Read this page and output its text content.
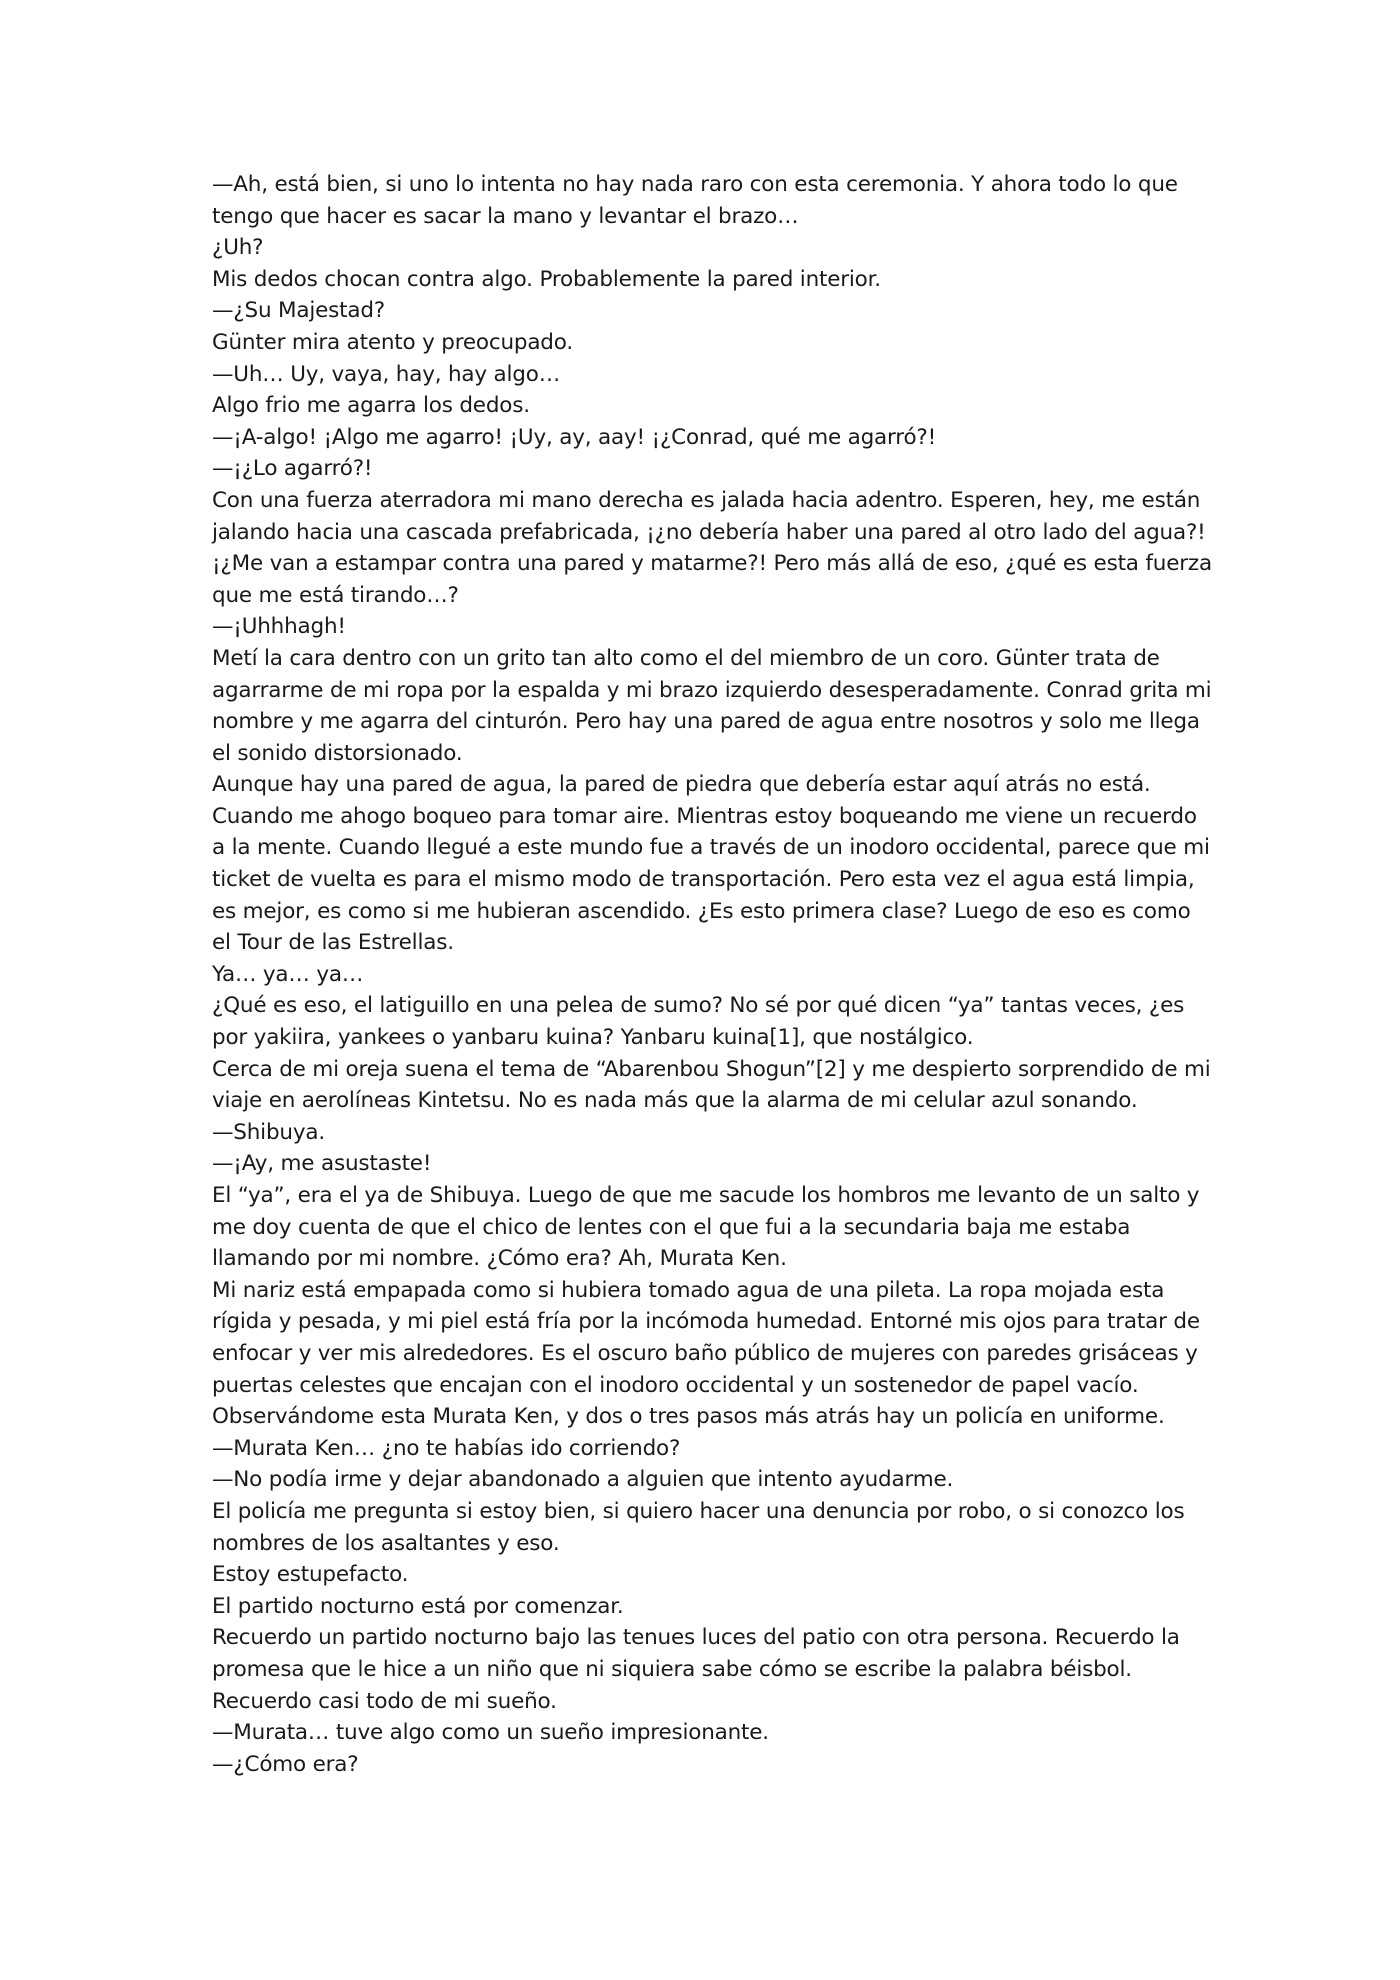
—Ah, está bien, si uno lo intenta no hay nada raro con esta ceremonia. Y ahora todo lo que tengo que hacer es sacar la mano y levantar el brazo…

¿Uh?

Mis dedos chocan contra algo. Probablemente la pared interior.

—¿Su Majestad?

Günter mira atento y preocupado.

—Uh… Uy, vaya, hay, hay algo…

Algo frio me agarra los dedos.

—¡A-algo! ¡Algo me agarro! ¡Uy, ay, aay! ¡¿Conrad, qué me agarró?!

—¡¿Lo agarró?!

Con una fuerza aterradora mi mano derecha es jalada hacia adentro. Esperen, hey, me están jalando hacia una cascada prefabricada, ¡¿no debería haber una pared al otro lado del agua?! ¡¿Me van a estampar contra una pared y matarme?! Pero más allá de eso, ¿qué es esta fuerza que me está tirando…?

—¡Uhhhagh!

Metí la cara dentro con un grito tan alto como el del miembro de un coro. Günter trata de agarrarme de mi ropa por la espalda y mi brazo izquierdo desesperadamente. Conrad grita mi nombre y me agarra del cinturón. Pero hay una pared de agua entre nosotros y solo me llega el sonido distorsionado.

Aunque hay una pared de agua, la pared de piedra que debería estar aquí atrás no está. Cuando me ahogo boqueo para tomar aire. Mientras estoy boqueando me viene un recuerdo a la mente. Cuando llegué a este mundo fue a través de un inodoro occidental, parece que mi ticket de vuelta es para el mismo modo de transportación. Pero esta vez el agua está limpia, es mejor, es como si me hubieran ascendido. ¿Es esto primera clase? Luego de eso es como el Tour de las Estrellas.

Ya… ya… ya…

¿Qué es eso, el latiguillo en una pelea de sumo? No sé por qué dicen “ya” tantas veces, ¿es por yakiira, yankees o yanbaru kuina? Yanbaru kuina[1], que nostálgico.

Cerca de mi oreja suena el tema de “Abarenbou Shogun”[2] y me despierto sorprendido de mi viaje en aerolíneas Kintetsu. No es nada más que la alarma de mi celular azul sonando.

—Shibuya.

—¡Ay, me asustaste!

El “ya”, era el ya de Shibuya. Luego de que me sacude los hombros me levanto de un salto y me doy cuenta de que el chico de lentes con el que fui a la secundaria baja me estaba llamando por mi nombre. ¿Cómo era? Ah, Murata Ken.

Mi nariz está empapada como si hubiera tomado agua de una pileta. La ropa mojada esta rígida y pesada, y mi piel está fría por la incómoda humedad. Entorné mis ojos para tratar de enfocar y ver mis alrededores. Es el oscuro baño público de mujeres con paredes grisáceas y puertas celestes que encajan con el inodoro occidental y un sostenedor de papel vacío. Observándome esta Murata Ken, y dos o tres pasos más atrás hay un policía en uniforme.

—Murata Ken… ¿no te habías ido corriendo?

—No podía irme y dejar abandonado a alguien que intento ayudarme.

El policía me pregunta si estoy bien, si quiero hacer una denuncia por robo, o si conozco los nombres de los asaltantes y eso.

Estoy estupefacto.

El partido nocturno está por comenzar.

Recuerdo un partido nocturno bajo las tenues luces del patio con otra persona. Recuerdo la promesa que le hice a un niño que ni siquiera sabe cómo se escribe la palabra béisbol. Recuerdo casi todo de mi sueño.

—Murata… tuve algo como un sueño impresionante.

—¿Cómo era?
